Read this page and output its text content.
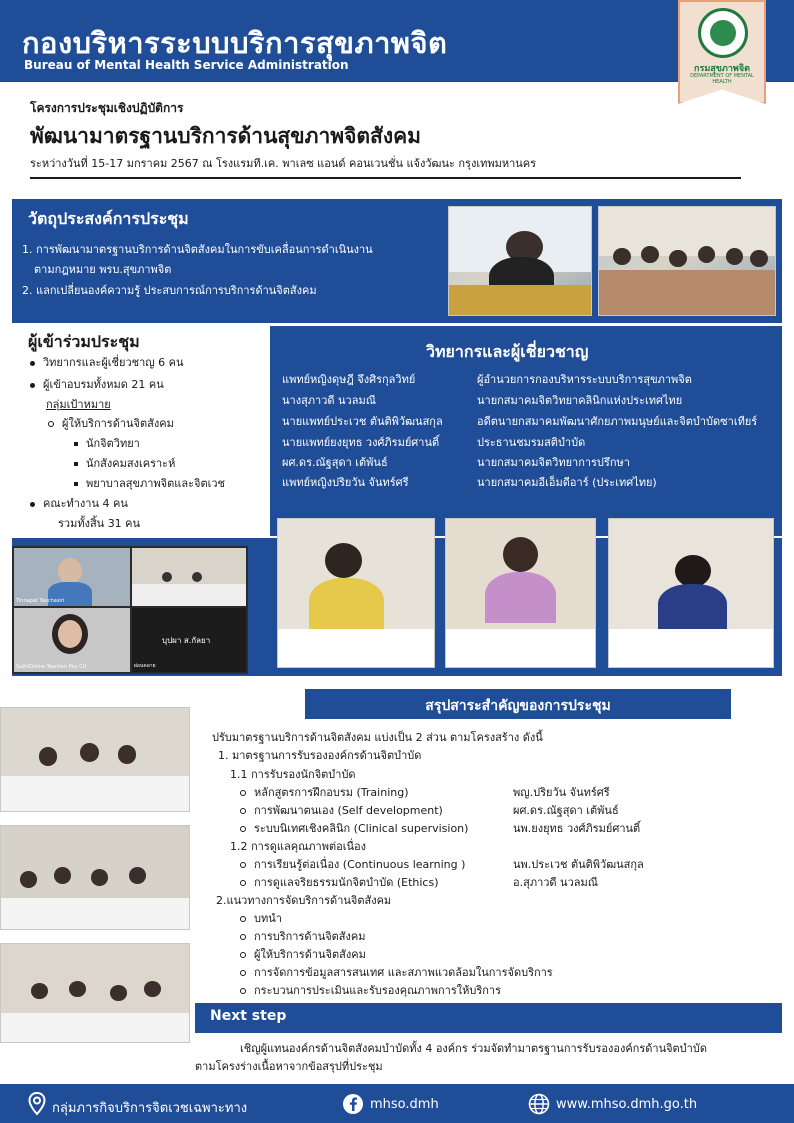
กองบริหารระบบบริการสุขภาพจิต
Bureau of Mental Health Service Administration	กรมสุขภาพจิต
DEPARTMENT OF MENTAL HEALTH
โครงการประชุมเชิงปฏิบัติการ
พัฒนามาตรฐานบริการด้านสุขภาพจิตสังคม
ระหว่างวันที่ 15-17 มกราคม 2567 ณ โรงแรมที.เค. พาเลซ แอนด์ คอนเวนชั่น แจ้งวัฒนะ กรุงเทพมหานคร
วัตถุประสงค์การประชุม
1. การพัฒนามาตรฐานบริการด้านจิตสังคมในการขับเคลื่อนการดำเนินงาน
ตามกฎหมาย พรบ.สุขภาพจิต
2. แลกเปลี่ยนองค์ความรู้ ประสบการณ์การบริการด้านจิตสังคม
ผู้เข้าร่วมประชุม
วิทยากรและผู้เชี่ยวชาญ 6 คน
ผู้เข้าอบรมทั้งหมด 21 คน
กลุ่มเป้าหมาย
ผู้ให้บริการด้านจิตสังคม
นักจิตวิทยา
นักสังคมสงเคราะห์
พยาบาลสุขภาพจิตและจิตเวช
คณะทำงาน 4 คน
รวมทั้งสิ้น 31 คน
วิทยากรและผู้เชี่ยวชาญ
แพทย์หญิงดุษฎี จึงศิรกุลวิทย์	ผู้อำนวยการกองบริหารระบบบริการสุขภาพจิต
นางสุภาวดี นวลมณี	นายกสมาคมจิตวิทยาคลินิกแห่งประเทศไทย
นายแพทย์ประเวช ตันติพิวัฒนสกุล	อดีตนายกสมาคมพัฒนาศักยภาพมนุษย์และจิตบำบัดซาเทียร์
นายแพทย์ยงยุทธ วงศ์ภิรมย์ศานติ์	ประธานชมรมสติบำบัด
ผศ.ดร.ณัฐสุดา เต้พันธ์	นายกสมาคมจิตวิทยาการปรึกษา
แพทย์หญิงปริยวัน จันทร์ศรี	นายกสมาคมอีเอ็มดีอาร์ (ประเทศไทย)
Tinnapat Taechasiri
SuthiOnline Teechen Poy CU
บุปผา ส.กัลยา
ผ่อนคลาย
สรุปสาระสำคัญของการประชุม
ปรับมาตรฐานบริการด้านจิตสังคม แบ่งเป็น 2 ส่วน ตามโครงสร้าง ดังนี้
1. มาตรฐานการรับรององค์กรด้านจิตบำบัด
1.1 การรับรองนักจิตบำบัด
หลักสูตรการฝึกอบรม (Training)	พญ.ปริยวัน จันทร์ศรี
การพัฒนาตนเอง (Self development)	ผศ.ดร.ณัฐสุดา เต้พันธ์
ระบบนิเทศเชิงคลินิก (Clinical supervision)	นพ.ยงยุทธ วงศ์ภิรมย์ศานติ์
1.2 การดูแลคุณภาพต่อเนื่อง
การเรียนรู้ต่อเนื่อง (Continuous learning )	นพ.ประเวช ตันติพิวัฒนสกุล
การดูแลจริยธรรมนักจิตบำบัด (Ethics)	อ.สุภาวดี นวลมณี
2.แนวทางการจัดบริการด้านจิตสังคม
บทนำ
การบริการด้านจิตสังคม
ผู้ให้บริการด้านจิตสังคม
การจัดการข้อมูลสารสนเทศ และสภาพแวดล้อมในการจัดบริการ
กระบวนการประเมินและรับรองคุณภาพการให้บริการ
Next step
เชิญผู้แทนองค์กรด้านจิตสังคมบำบัดทั้ง 4 องค์กร ร่วมจัดทำมาตรฐานการรับรององค์กรด้านจิตบำบัด
ตามโครงร่างเนื้อหาจากข้อสรุปที่ประชุม
กลุ่มภารกิจบริการจิตเวชเฉพาะทาง	mhso.dmh	www.mhso.dmh.go.th
